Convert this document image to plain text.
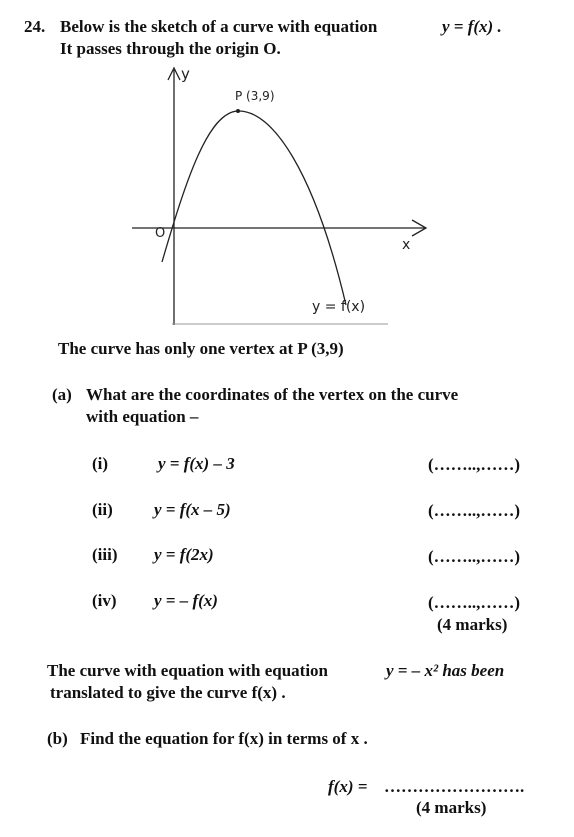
24. Below is the sketch of a curve with equation	y = f(x) .
It passes through the origin O.
y
x
O
P (3,9)
y = f(x)
The curve has only one vertex at P (3,9)
(a) What are the coordinates of the vertex on the curve
with equation –
(i)	y = f(x) – 3	(……..,……)
(ii) y = f(x – 5)	(……..,……)
(iii) y = f(2x)	(……..,……)
(iv) y = – f(x)	(……..,……)
(4 marks)
The curve with equation with equation	y = – x² has been
translated to give the curve f(x) .
(b) Find the equation for f(x) in terms of x .
f(x) = …………………….
(4 marks)
